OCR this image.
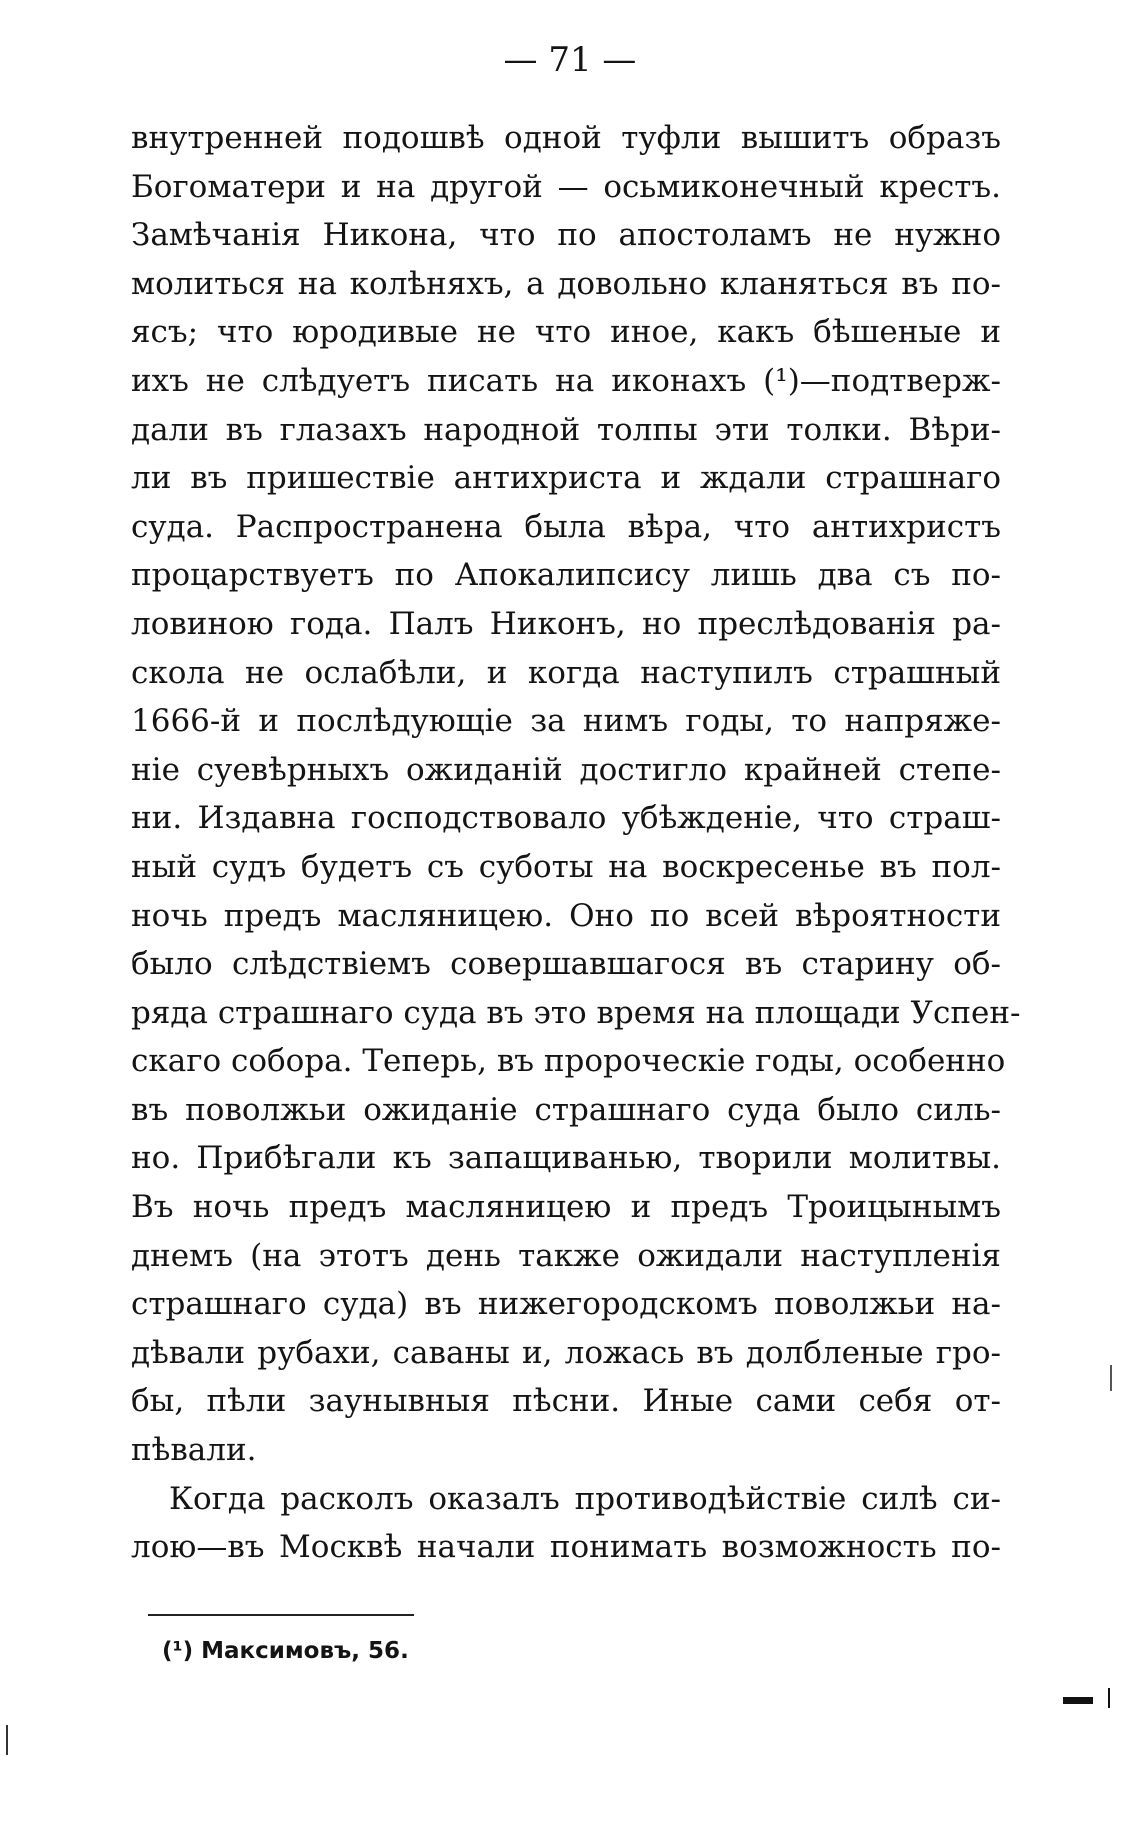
— 71 —
внутренней подошвѣ одной туфли вышитъ образъ
Богоматери и на другой — осьмиконечный крестъ.
Замѣчанія Никона, что по апостоламъ не нужно
молиться на колѣняхъ, а довольно кланяться въ по-
ясъ; что юродивые не что иное, какъ бѣшеные и
ихъ не слѣдуетъ писать на иконахъ (¹)—подтверж-
дали въ глазахъ народной толпы эти толки. Вѣри-
ли въ пришествіе антихриста и ждали страшнаго
суда. Распространена была вѣра, что антихристъ
процарствуетъ по Апокалипсису лишь два съ по-
ловиною года. Палъ Никонъ, но преслѣдованія ра-
скола не ослабѣли, и когда наступилъ страшный
1666-й и послѣдующіе за нимъ годы, то напряже-
ніе суевѣрныхъ ожиданій достигло крайней степе-
ни. Издавна господствовало убѣжденіе, что страш-
ный судъ будетъ съ суботы на воскресенье въ пол-
ночь предъ масляницею. Оно по всей вѣроятности
было слѣдствіемъ совершавшагося въ старину об-
ряда страшнаго суда въ это время на площади Успен-
скаго собора. Теперь, въ пророческіе годы, особенно
въ поволжьи ожиданіе страшнаго суда было силь-
но. Прибѣгали къ запащиванью, творили молитвы.
Въ ночь предъ масляницею и предъ Троицынымъ
днемъ (на этотъ день также ожидали наступленія
страшнаго суда) въ нижегородскомъ поволжьи на-
дѣвали рубахи, саваны и, ложась въ долбленые гро-
бы, пѣли заунывныя пѣсни. Иные сами себя от-
пѣвали.
Когда расколъ оказалъ противодѣйствіе силѣ си-
лою—въ Москвѣ начали понимать возможность по-
(¹) Максимовъ, 56.
